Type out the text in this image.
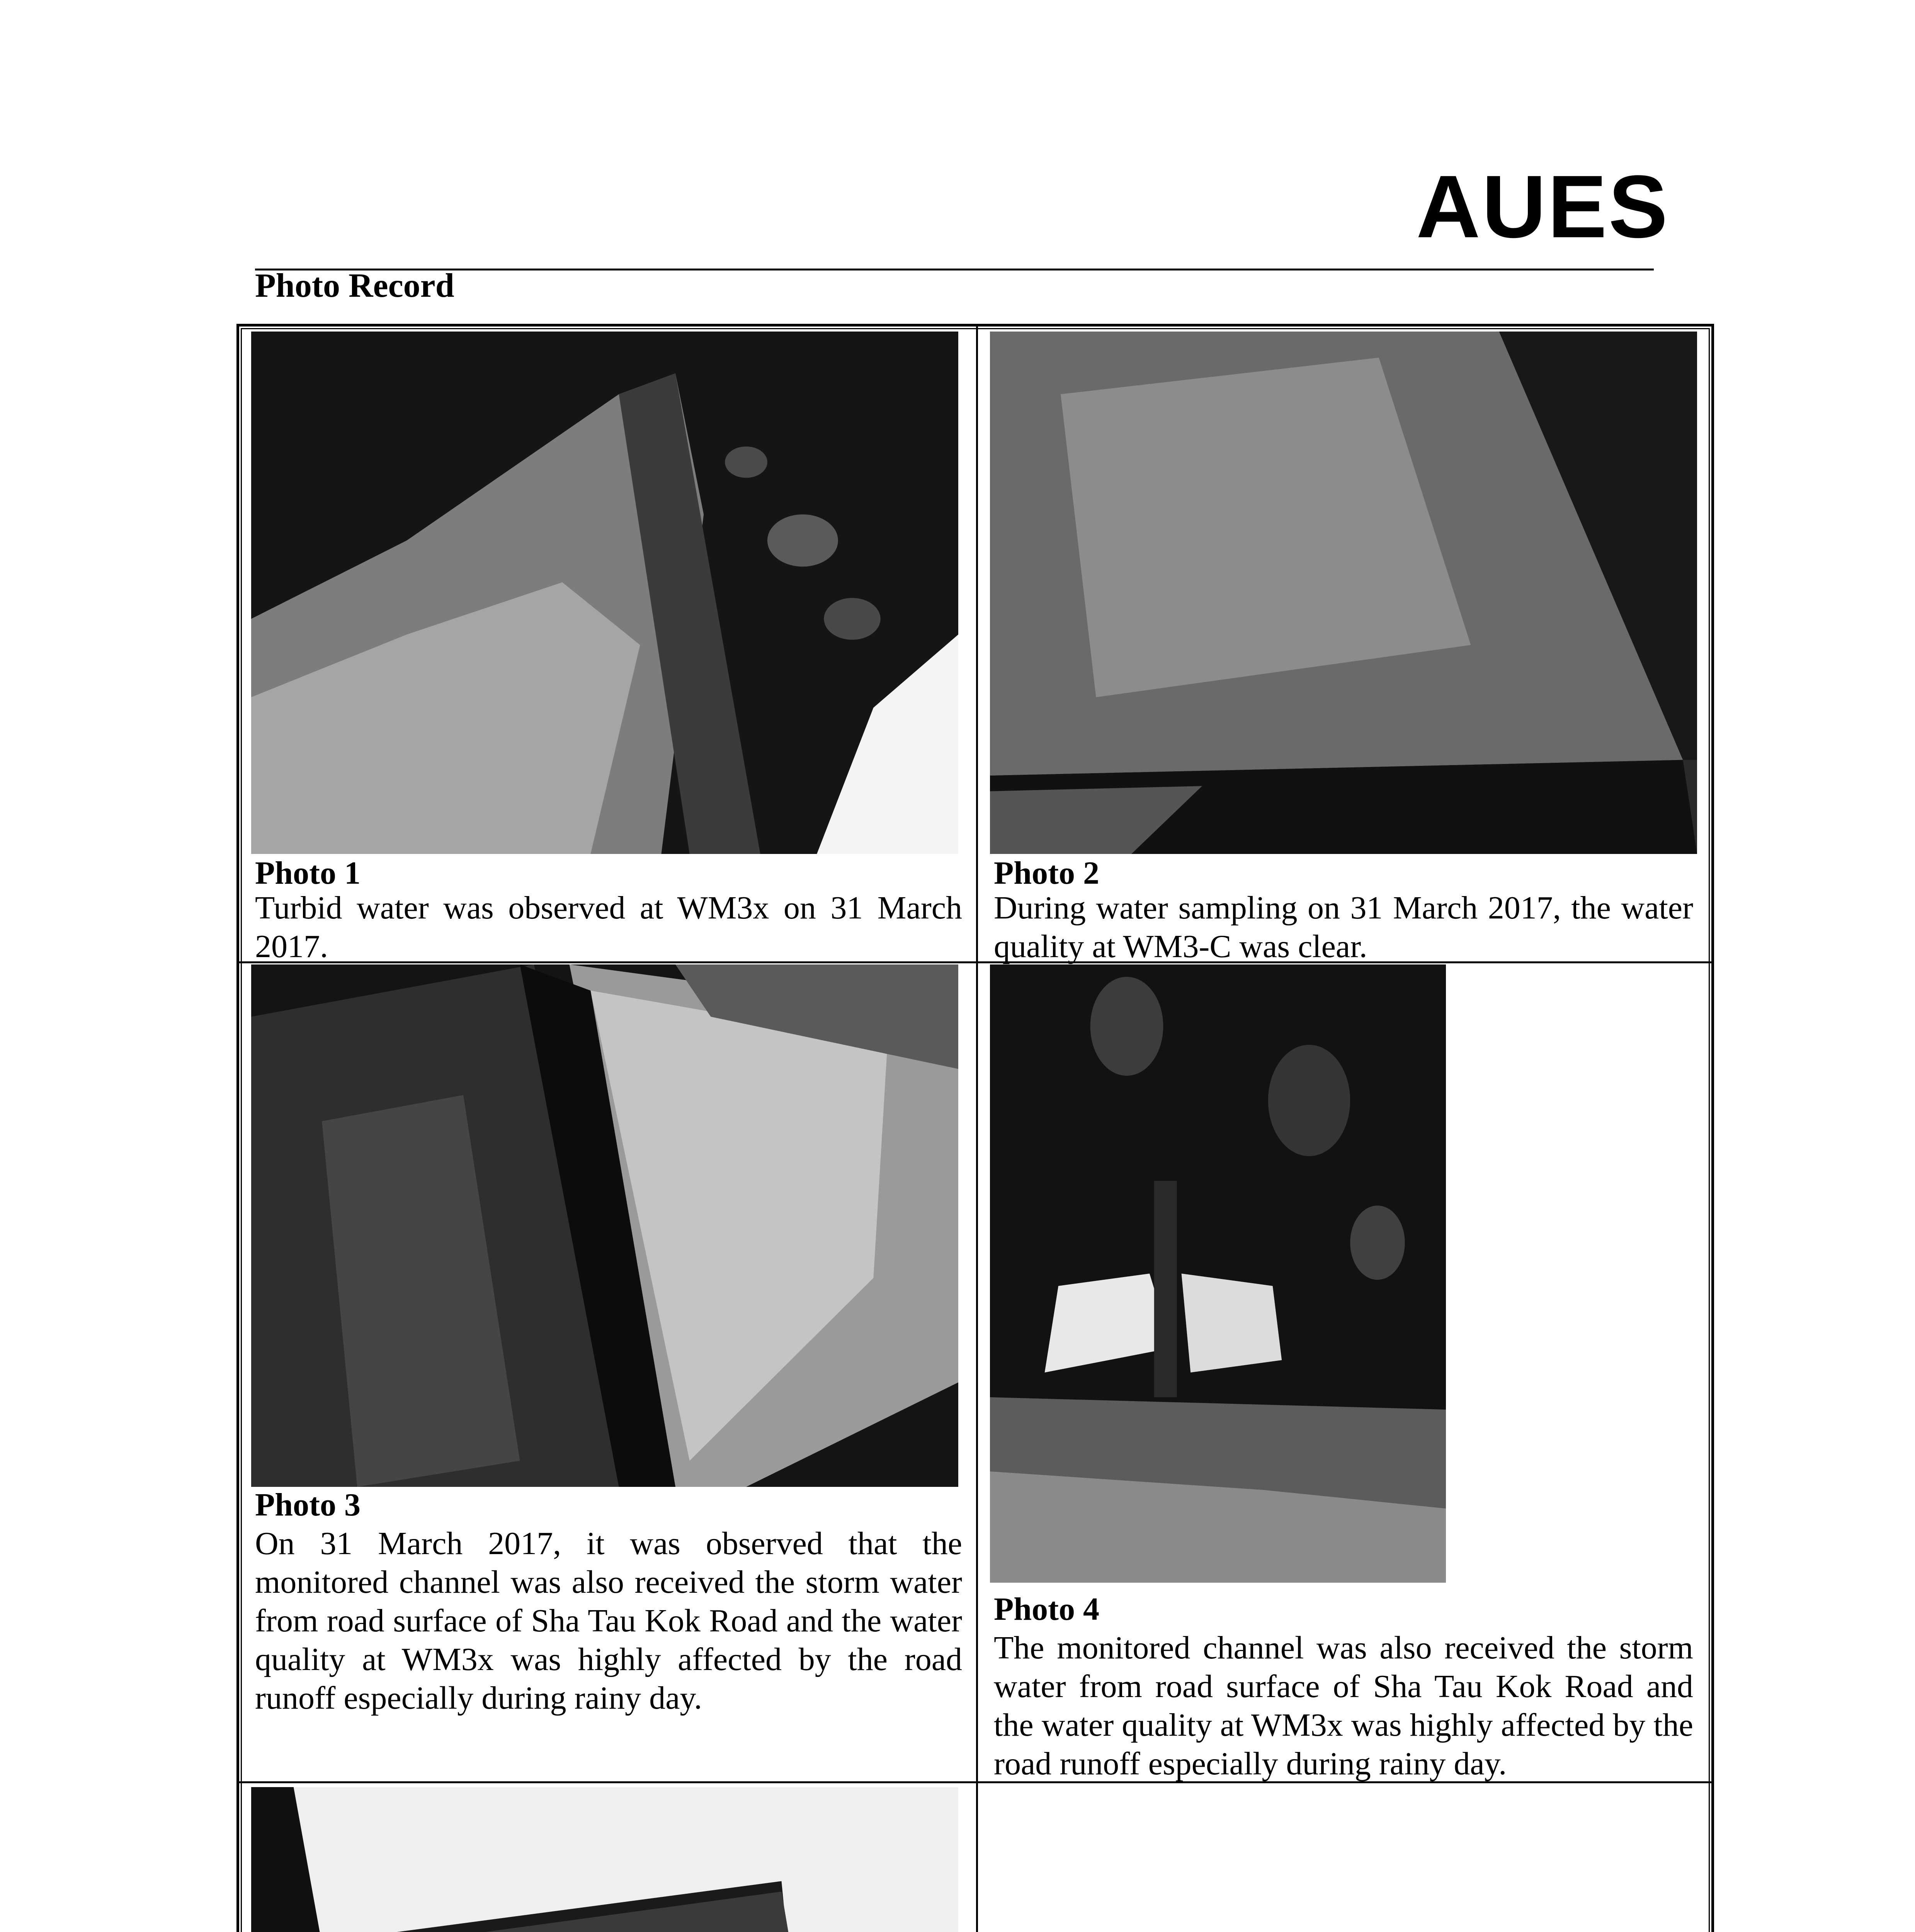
AUES
Photo Record
Photo 1
Turbid water was observed at WM3x on 31 March 2017.
Photo 2
During water sampling on 31 March 2017, the water quality at WM3-C was clear.
Photo 3
On 31 March 2017, it was observed that the monitored channel was also received the storm water from road surface of Sha Tau Kok Road and the water quality at WM3x was highly affected by the road runoff especially during rainy day.
Photo 4
The monitored channel was also received the storm water from road surface of Sha Tau Kok Road and the water quality at WM3x was highly affected by the road runoff especially during rainy day.
